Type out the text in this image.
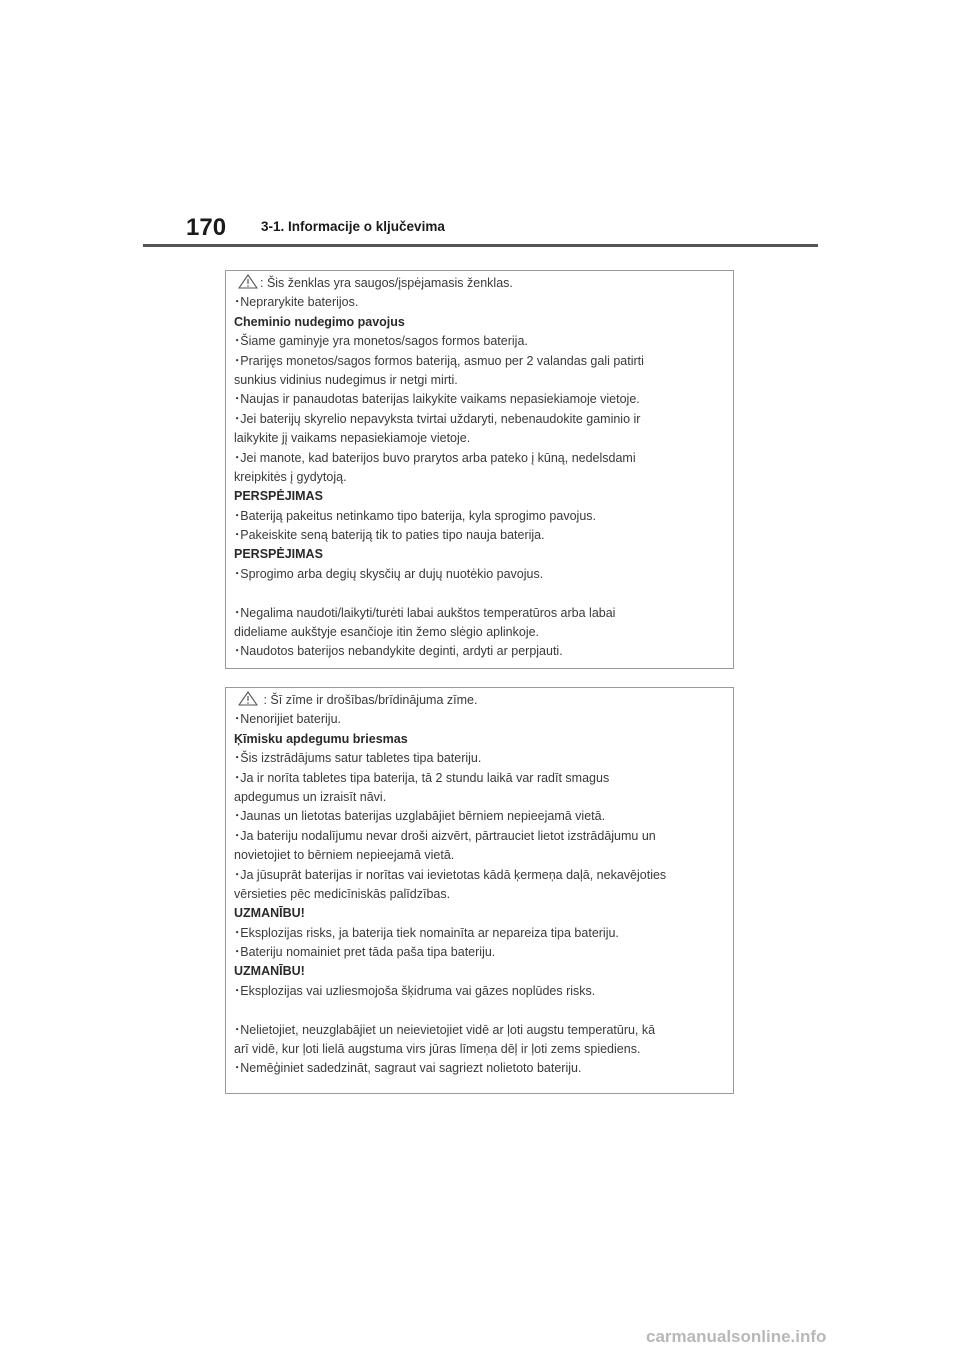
170	3-1. Informacije o ključevima
: Šis ženklas yra saugos/įspėjamasis ženklas.
･Neprarykite baterijos.
Cheminio nudegimo pavojus
･Šiame gaminyje yra monetos/sagos formos baterija.
･Prarijęs monetos/sagos formos bateriją, asmuo per 2 valandas gali patirti
sunkius vidinius nudegimus ir netgi mirti.
･Naujas ir panaudotas baterijas laikykite vaikams nepasiekiamoje vietoje.
･Jei baterijų skyrelio nepavyksta tvirtai uždaryti, nebenaudokite gaminio ir
laikykite jį vaikams nepasiekiamoje vietoje.
･Jei manote, kad baterijos buvo prarytos arba pateko į kūną, nedelsdami
kreipkitės į gydytoją.
PERSPĖJIMAS
･Bateriją pakeitus netinkamo tipo baterija, kyla sprogimo pavojus.
･Pakeiskite seną bateriją tik to paties tipo nauja baterija.
PERSPĖJIMAS
･Sprogimo arba degių skysčių ar dujų nuotėkio pavojus.
･Negalima naudoti/laikyti/turėti labai aukštos temperatūros arba labai
dideliame aukštyje esančioje itin žemo slėgio aplinkoje.
･Naudotos baterijos nebandykite deginti, ardyti ar perpjauti.
: Šī zīme ir drošības/brīdinājuma zīme.
･Nenorijiet bateriju.
Ķīmisku apdegumu briesmas
･Šis izstrādājums satur tabletes tipa bateriju.
･Ja ir norīta tabletes tipa baterija, tā 2 stundu laikā var radīt smagus
apdegumus un izraisīt nāvi.
･Jaunas un lietotas baterijas uzglabājiet bērniem nepieejamā vietā.
･Ja bateriju nodalījumu nevar droši aizvērt, pārtrauciet lietot izstrādājumu un
novietojiet to bērniem nepieejamā vietā.
･Ja jūsuprāt baterijas ir norītas vai ievietotas kādā ķermeņa daļā, nekavējoties
vērsieties pēc medicīniskās palīdzības.
UZMANĪBU!
･Eksplozijas risks, ja baterija tiek nomainīta ar nepareiza tipa bateriju.
･Bateriju nomainiet pret tāda paša tipa bateriju.
UZMANĪBU!
･Eksplozijas vai uzliesmojoša šķidruma vai gāzes noplūdes risks.
･Nelietojiet, neuzglabājiet un neievietojiet vidē ar ļoti augstu temperatūru, kā
arī vidē, kur ļoti lielā augstuma virs jūras līmeņa dēļ ir ļoti zems spiediens.
･Nemēģiniet sadedzināt, sagraut vai sagriezt nolietoto bateriju.
carmanualsonline.info
